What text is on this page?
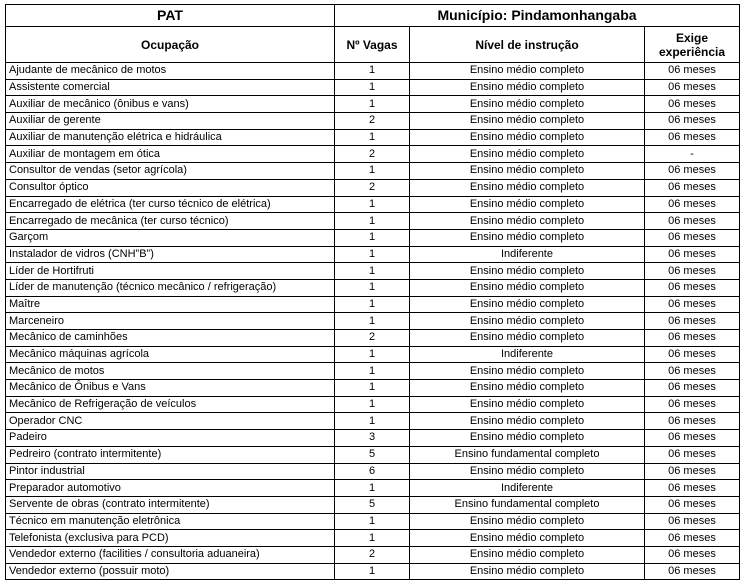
PAT	Município: Pindamonhangaba		
Ocupação	Nº Vagas	Nível de instrução	Exige
experiência
Ajudante de mecânico de motos	1	Ensino médio completo	06 meses
Assistente comercial	1	Ensino médio completo	06 meses
Auxiliar de mecânico (ônibus e vans)	1	Ensino médio completo	06 meses
Auxiliar de gerente	2	Ensino médio completo	06 meses
Auxiliar de manutenção elétrica e hidráulica	1	Ensino médio completo	06 meses
Auxiliar de montagem em ótica	2	Ensino médio completo	-
Consultor de vendas (setor agrícola)	1	Ensino médio completo	06 meses
Consultor óptico	2	Ensino médio completo	06 meses
Encarregado de elétrica (ter curso técnico de elétrica)	1	Ensino médio completo	06 meses
Encarregado de mecânica (ter curso técnico)	1	Ensino médio completo	06 meses
Garçom	1	Ensino médio completo	06 meses
Instalador de vidros (CNH”B”)	1	Indiferente	06 meses
Líder de Hortifruti	1	Ensino médio completo	06 meses
Líder de manutenção (técnico mecânico / refrigeração)	1	Ensino médio completo	06 meses
Maître	1	Ensino médio completo	06 meses
Marceneiro	1	Ensino médio completo	06 meses
Mecânico de caminhões	2	Ensino médio completo	06 meses
Mecânico máquinas agrícola	1	Indiferente	06 meses
Mecânico de motos	1	Ensino médio completo	06 meses
Mecânico de Ônibus e Vans	1	Ensino médio completo	06 meses
Mecânico de Refrigeração de veículos	1	Ensino médio completo	06 meses
Operador CNC	1	Ensino médio completo	06 meses
Padeiro	3	Ensino médio completo	06 meses
Pedreiro (contrato intermitente)	5	Ensino fundamental completo	06 meses
Pintor industrial	6	Ensino médio completo	06 meses
Preparador automotivo	1	Indiferente	06 meses
Servente de obras (contrato intermitente)	5	Ensino fundamental completo	06 meses
Técnico em manutenção eletrônica	1	Ensino médio completo	06 meses
Telefonista (exclusiva para PCD)	1	Ensino médio completo	06 meses
Vendedor externo (facilities / consultoria aduaneira)	2	Ensino médio completo	06 meses
Vendedor externo (possuir moto)	1	Ensino médio completo	06 meses
